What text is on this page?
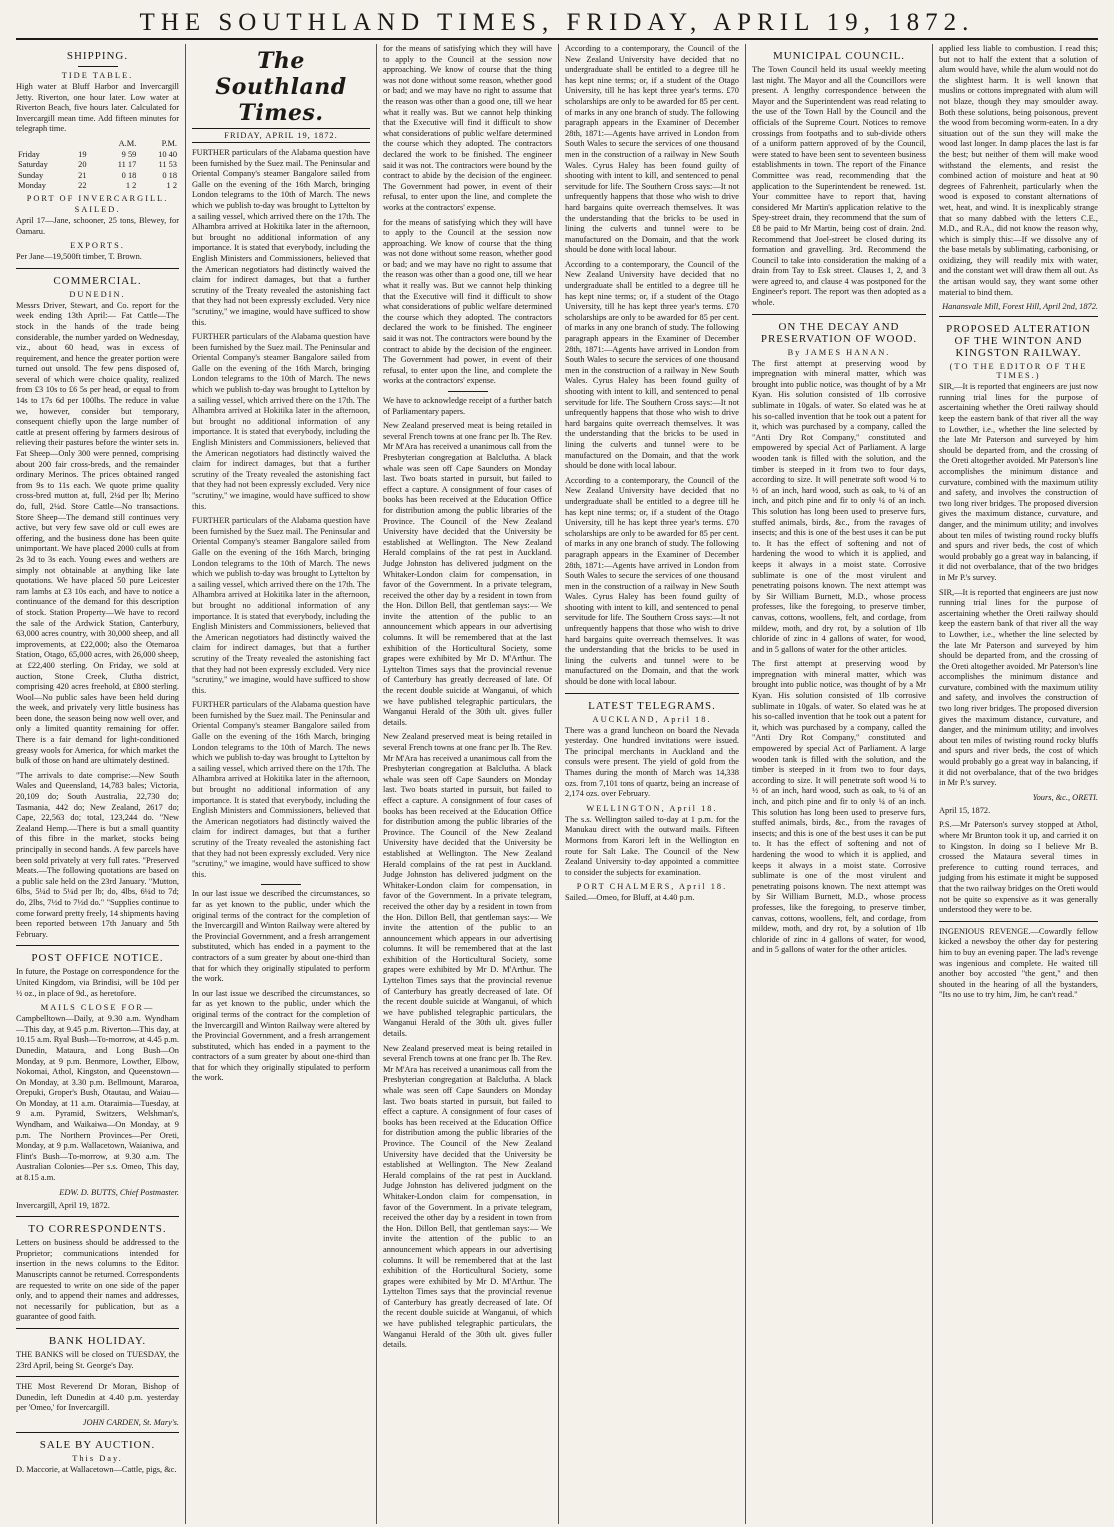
THE SOUTHLAND TIMES, FRIDAY, APRIL 19, 1872.
SHIPPING.
TIDE TABLE.

High water at Bluff Harbor and Invercargill Jetty. Riverton, one hour later. Low water at Riverton Beach, five hours later. Calculated for Invercargill mean time. Add fifteen minutes for telegraph time.

		A.M.	P.M.
Friday	19	9 59	10 40
Saturday	20	11 17	11 53
Sunday	21	0 18	0 18
Monday	22	1 2	1 2
PORT OF INVERCARGILL.
SAILED.

April 17—Jane, schooner, 25 tons, Blewey, for Oamaru.

EXPORTS.

Per Jane—19,500ft timber, T. Brown.

COMMERCIAL.
DUNEDIN.

Messrs Driver, Stewart, and Co. report for the week ending 13th April:— Fat Cattle—The stock in the hands of the trade being considerable, the number yarded on Wednesday, viz., about 60 head, was in excess of requirement, and hence the greater portion were turned out unsold. The few pens disposed of, several of which were choice quality, realized from £3 10s to £6 5s per head, or equal to from 14s to 17s 6d per 100lbs. The reduce in value we, however, consider but temporary, consequent chiefly upon the large number of cattle at present offering by farmers desirous of relieving their pastures before the winter sets in. Fat Sheep—Only 300 were penned, comprising about 200 fair cross-breds, and the remainder ordinary Merinos. The prices obtained ranged from 9s to 11s each. We quote prime quality cross-bred mutton at, full, 2¼d per lb; Merino do, full, 2¼d. Store Cattle—No transactions. Store Sheep—The demand still continues very active, but very few save old or cull ewes are offering, and the business done has been quite unimportant. We have placed 2000 culls at from 2s 3d to 3s each. Young ewes and wethers are simply not obtainable at anything like late quotations. We have placed 50 pure Leicester ram lambs at £3 10s each, and have to notice a continuance of the demand for this description of stock. Station Property—We have to record the sale of the Ardwick Station, Canterbury, 63,000 acres country, with 30,000 sheep, and all improvements, at £22,000; also the Otemaroa Station, Otago, 65,000 acres, with 26,000 sheep, at £22,400 sterling. On Friday, we sold at auction, Stone Creek, Clutha district, comprising 420 acres freehold, at £800 sterling. Wool—No public sales have been held during the week, and privately very little business has been done, the season being now well over, and only a limited quantity remaining for offer. There is a fair demand for light-conditioned greasy wools for America, for which market the bulk of those on hand are ultimately destined.

"The arrivals to date comprise:—New South Wales and Queensland, 14,783 bales; Victoria, 20,109 do; South Australia, 22,730 do; Tasmania, 442 do; New Zealand, 2617 do; Cape, 22,563 do; total, 123,244 do. "New Zealand Hemp.—There is but a small quantity of this fibre in the market, stocks being principally in second hands. A few parcels have been sold privately at very full rates. "Preserved Meats.—The following quotations are based on a public sale held on the 23rd January. "Mutton, 6lbs, 5¼d to 5¼d per lb; do, 4lbs, 6¼d to 7d; do, 2lbs, 7½d to 7½d do." "Supplies continue to come forward pretty freely, 14 shipments having been reported between 17th January and 5th February.

POST OFFICE NOTICE.

In future, the Postage on correspondence for the United Kingdom, via Brindisi, will be 10d per ½ oz., in place of 9d., as heretofore.

MAILS CLOSE FOR—

Campbelltown—Daily, at 9.30 a.m. Wyndham—This day, at 9.45 p.m. Riverton—This day, at 10.15 a.m. Ryal Bush—To-morrow, at 4.45 p.m. Dunedin, Mataura, and Long Bush—On Monday, at 9 p.m. Benmore, Lowther, Elbow, Nokomai, Athol, Kingston, and Queenstown—On Monday, at 3.30 p.m. Bellmount, Mararoa, Orepuki, Groper's Bush, Otautau, and Waiau—On Monday, at 11 a.m. Otaraimia—Tuesday, at 9 a.m. Pyramid, Switzers, Welshman's, Wyndham, and Waikaiwa—On Monday, at 9 p.m. The Northern Provinces—Per Oreti, Monday, at 9 p.m. Wallacetown, Waianiwa, and Flint's Bush—To-morrow, at 9.30 a.m. The Australian Colonies—Per s.s. Omeo, This day, at 8.15 a.m.

EDW. D. BUTTS, Chief Postmaster.

Invercargill, April 19, 1872.

TO CORRESPONDENTS.

Letters on business should be addressed to the Proprietor; communications intended for insertion in the news columns to the Editor. Manuscripts cannot be returned. Correspondents are requested to write on one side of the paper only, and to append their names and addresses, not necessarily for publication, but as a guarantee of good faith.

BANK HOLIDAY.

THE BANKS will be closed on TUESDAY, the 23rd April, being St. George's Day.

THE Most Reverend Dr Moran, Bishop of Dunedin, left Dunedin at 4.40 p.m. yesterday per 'Omeo,' for Invercargill.

JOHN CARDEN, St. Mary's.
SALE BY AUCTION.
This Day.

D. Maccorie, at Wallacetown—Cattle, pigs, &c.

The Southland Times.
FRIDAY, APRIL 19, 1872.

FURTHER particulars of the Alabama question have been furnished by the Suez mail. The Peninsular and Oriental Company's steamer Bangalore sailed from Galle on the evening of the 16th March, bringing London telegrams to the 10th of March. The news which we publish to-day was brought to Lyttelton by a sailing vessel, which arrived there on the 17th. The Alhambra arrived at Hokitika later in the afternoon, but brought no additional information of any importance. It is stated that everybody, including the English Ministers and Commissioners, believed that the American negotiators had distinctly waived the claim for indirect damages, but that a further scrutiny of the Treaty revealed the astonishing fact that they had not been expressly excluded. Very nice "scrutiny," we imagine, would have sufficed to show this.

FURTHER particulars of the Alabama question have been furnished by the Suez mail. The Peninsular and Oriental Company's steamer Bangalore sailed from Galle on the evening of the 16th March, bringing London telegrams to the 10th of March. The news which we publish to-day was brought to Lyttelton by a sailing vessel, which arrived there on the 17th. The Alhambra arrived at Hokitika later in the afternoon, but brought no additional information of any importance. It is stated that everybody, including the English Ministers and Commissioners, believed that the American negotiators had distinctly waived the claim for indirect damages, but that a further scrutiny of the Treaty revealed the astonishing fact that they had not been expressly excluded. Very nice "scrutiny," we imagine, would have sufficed to show this.

FURTHER particulars of the Alabama question have been furnished by the Suez mail. The Peninsular and Oriental Company's steamer Bangalore sailed from Galle on the evening of the 16th March, bringing London telegrams to the 10th of March. The news which we publish to-day was brought to Lyttelton by a sailing vessel, which arrived there on the 17th. The Alhambra arrived at Hokitika later in the afternoon, but brought no additional information of any importance. It is stated that everybody, including the English Ministers and Commissioners, believed that the American negotiators had distinctly waived the claim for indirect damages, but that a further scrutiny of the Treaty revealed the astonishing fact that they had not been expressly excluded. Very nice "scrutiny," we imagine, would have sufficed to show this.

FURTHER particulars of the Alabama question have been furnished by the Suez mail. The Peninsular and Oriental Company's steamer Bangalore sailed from Galle on the evening of the 16th March, bringing London telegrams to the 10th of March. The news which we publish to-day was brought to Lyttelton by a sailing vessel, which arrived there on the 17th. The Alhambra arrived at Hokitika later in the afternoon, but brought no additional information of any importance. It is stated that everybody, including the English Ministers and Commissioners, believed that the American negotiators had distinctly waived the claim for indirect damages, but that a further scrutiny of the Treaty revealed the astonishing fact that they had not been expressly excluded. Very nice "scrutiny," we imagine, would have sufficed to show this.

In our last issue we described the circumstances, so far as yet known to the public, under which the original terms of the contract for the completion of the Invercargill and Winton Railway were altered by the Provincial Government, and a fresh arrangement substituted, which has ended in a payment to the contractors of a sum greater by about one-third than that for which they originally stipulated to perform the work.

In our last issue we described the circumstances, so far as yet known to the public, under which the original terms of the contract for the completion of the Invercargill and Winton Railway were altered by the Provincial Government, and a fresh arrangement substituted, which has ended in a payment to the contractors of a sum greater by about one-third than that for which they originally stipulated to perform the work.

for the means of satisfying which they will have to apply to the Council at the session now approaching. We know of course that the thing was not done without some reason, whether good or bad; and we may have no right to assume that the reason was other than a good one, till we hear what it really was. But we cannot help thinking that the Executive will find it difficult to show what considerations of public welfare determined the course which they adopted. The contractors declared the work to be finished. The engineer said it was not. The contractors were bound by the contract to abide by the decision of the engineer. The Government had power, in event of their refusal, to enter upon the line, and complete the works at the contractors' expense.

for the means of satisfying which they will have to apply to the Council at the session now approaching. We know of course that the thing was not done without some reason, whether good or bad; and we may have no right to assume that the reason was other than a good one, till we hear what it really was. But we cannot help thinking that the Executive will find it difficult to show what considerations of public welfare determined the course which they adopted. The contractors declared the work to be finished. The engineer said it was not. The contractors were bound by the contract to abide by the decision of the engineer. The Government had power, in event of their refusal, to enter upon the line, and complete the works at the contractors' expense.

We have to acknowledge receipt of a further batch of Parliamentary papers.

New Zealand preserved meat is being retailed in several French towns at one franc per lb. The Rev. Mr M'Ara has received a unanimous call from the Presbyterian congregation at Balclutha. A black whale was seen off Cape Saunders on Monday last. Two boats started in pursuit, but failed to effect a capture. A consignment of four cases of books has been received at the Education Office for distribution among the public libraries of the Province. The Council of the New Zealand University have decided that the University be established at Wellington. The New Zealand Herald complains of the rat pest in Auckland. Judge Johnston has delivered judgment on the Whitaker-London claim for compensation, in favor of the Government. In a private telegram, received the other day by a resident in town from the Hon. Dillon Bell, that gentleman says:— We invite the attention of the public to an announcement which appears in our advertising columns. It will be remembered that at the last exhibition of the Horticultural Society, some grapes were exhibited by Mr D. M'Arthur. The Lyttelton Times says that the provincial revenue of Canterbury has greatly decreased of late. Of the recent double suicide at Wanganui, of which we have published telegraphic particulars, the Wanganui Herald of the 30th ult. gives fuller details.

New Zealand preserved meat is being retailed in several French towns at one franc per lb. The Rev. Mr M'Ara has received a unanimous call from the Presbyterian congregation at Balclutha. A black whale was seen off Cape Saunders on Monday last. Two boats started in pursuit, but failed to effect a capture. A consignment of four cases of books has been received at the Education Office for distribution among the public libraries of the Province. The Council of the New Zealand University have decided that the University be established at Wellington. The New Zealand Herald complains of the rat pest in Auckland. Judge Johnston has delivered judgment on the Whitaker-London claim for compensation, in favor of the Government. In a private telegram, received the other day by a resident in town from the Hon. Dillon Bell, that gentleman says:— We invite the attention of the public to an announcement which appears in our advertising columns. It will be remembered that at the last exhibition of the Horticultural Society, some grapes were exhibited by Mr D. M'Arthur. The Lyttelton Times says that the provincial revenue of Canterbury has greatly decreased of late. Of the recent double suicide at Wanganui, of which we have published telegraphic particulars, the Wanganui Herald of the 30th ult. gives fuller details.

New Zealand preserved meat is being retailed in several French towns at one franc per lb. The Rev. Mr M'Ara has received a unanimous call from the Presbyterian congregation at Balclutha. A black whale was seen off Cape Saunders on Monday last. Two boats started in pursuit, but failed to effect a capture. A consignment of four cases of books has been received at the Education Office for distribution among the public libraries of the Province. The Council of the New Zealand University have decided that the University be established at Wellington. The New Zealand Herald complains of the rat pest in Auckland. Judge Johnston has delivered judgment on the Whitaker-London claim for compensation, in favor of the Government. In a private telegram, received the other day by a resident in town from the Hon. Dillon Bell, that gentleman says:— We invite the attention of the public to an announcement which appears in our advertising columns. It will be remembered that at the last exhibition of the Horticultural Society, some grapes were exhibited by Mr D. M'Arthur. The Lyttelton Times says that the provincial revenue of Canterbury has greatly decreased of late. Of the recent double suicide at Wanganui, of which we have published telegraphic particulars, the Wanganui Herald of the 30th ult. gives fuller details.

According to a contemporary, the Council of the New Zealand University have decided that no undergraduate shall be entitled to a degree till he has kept nine terms; or, if a student of the Otago University, till he has kept three year's terms. £70 scholarships are only to be awarded for 85 per cent. of marks in any one branch of study. The following paragraph appears in the Examiner of December 28th, 1871:—Agents have arrived in London from South Wales to secure the services of one thousand men in the construction of a railway in New South Wales. Cyrus Haley has been found guilty of shooting with intent to kill, and sentenced to penal servitude for life. The Southern Cross says:—It not unfrequently happens that those who wish to drive hard bargains quite overreach themselves. It was the understanding that the bricks to be used in lining the culverts and tunnel were to be manufactured on the Domain, and that the work should be done with local labour.

According to a contemporary, the Council of the New Zealand University have decided that no undergraduate shall be entitled to a degree till he has kept nine terms; or, if a student of the Otago University, till he has kept three year's terms. £70 scholarships are only to be awarded for 85 per cent. of marks in any one branch of study. The following paragraph appears in the Examiner of December 28th, 1871:—Agents have arrived in London from South Wales to secure the services of one thousand men in the construction of a railway in New South Wales. Cyrus Haley has been found guilty of shooting with intent to kill, and sentenced to penal servitude for life. The Southern Cross says:—It not unfrequently happens that those who wish to drive hard bargains quite overreach themselves. It was the understanding that the bricks to be used in lining the culverts and tunnel were to be manufactured on the Domain, and that the work should be done with local labour.

According to a contemporary, the Council of the New Zealand University have decided that no undergraduate shall be entitled to a degree till he has kept nine terms; or, if a student of the Otago University, till he has kept three year's terms. £70 scholarships are only to be awarded for 85 per cent. of marks in any one branch of study. The following paragraph appears in the Examiner of December 28th, 1871:—Agents have arrived in London from South Wales to secure the services of one thousand men in the construction of a railway in New South Wales. Cyrus Haley has been found guilty of shooting with intent to kill, and sentenced to penal servitude for life. The Southern Cross says:—It not unfrequently happens that those who wish to drive hard bargains quite overreach themselves. It was the understanding that the bricks to be used in lining the culverts and tunnel were to be manufactured on the Domain, and that the work should be done with local labour.

LATEST TELEGRAMS.
AUCKLAND, April 18.

There was a grand luncheon on board the Nevada yesterday. One hundred invitations were issued. The principal merchants in Auckland and the consuls were present. The yield of gold from the Thames during the month of March was 14,338 ozs. from 7,101 tons of quartz, being an increase of 2,174 ozs. over February.

WELLINGTON, April 18.

The s.s. Wellington sailed to-day at 1 p.m. for the Manukau direct with the outward mails. Fifteen Mormons from Karori left in the Wellington en route for Salt Lake. The Council of the New Zealand University to-day appointed a committee to consider the subjects for examination.

PORT CHALMERS, April 18.

Sailed.—Omeo, for Bluff, at 4.40 p.m.

MUNICIPAL COUNCIL.

The Town Council held its usual weekly meeting last night. The Mayor and all the Councillors were present. A lengthy correspondence between the Mayor and the Superintendent was read relating to the use of the Town Hall by the Council and the officials of the Supreme Court. Notices to remove crossings from footpaths and to sub-divide others of a uniform pattern approved of by the Council, were stated to have been sent to seventeen business establishments in town. The report of the Finance Committee was read, recommending that the application to the Superintendent be renewed. 1st. Your committee have to report that, having considered Mr Martin's application relative to the Spey-street drain, they recommend that the sum of £8 be paid to Mr Martin, being cost of drain. 2nd. Recommend that Joel-street be closed during its formation and gravelling. 3rd. Recommend the Council to take into consideration the making of a drain from Tay to Esk street. Clauses 1, 2, and 3 were agreed to, and clause 4 was postponed for the Engineer's report. The report was then adopted as a whole.

ON THE DECAY AND PRESERVATION OF WOOD.
By JAMES HANAN.

The first attempt at preserving wood by impregnation with mineral matter, which was brought into public notice, was thought of by a Mr Kyan. His solution consisted of 1lb corrosive sublimate in 10gals. of water. So elated was he at his so-called invention that he took out a patent for it, which was purchased by a company, called the "Anti Dry Rot Company," constituted and empowered by special Act of Parliament. A large wooden tank is filled with the solution, and the timber is steeped in it from two to four days, according to size. It will penetrate soft wood ¼ to ½ of an inch, hard wood, such as oak, to ¼ of an inch, and pitch pine and fir to only ¼ of an inch. This solution has long been used to preserve furs, stuffed animals, birds, &c., from the ravages of insects; and this is one of the best uses it can be put to. It has the effect of softening and not of hardening the wood to which it is applied, and keeps it always in a moist state. Corrosive sublimate is one of the most virulent and penetrating poisons known. The next attempt was by Sir William Burnett, M.D., whose process professes, like the foregoing, to preserve timber, canvas, cottons, woollens, felt, and cordage, from mildew, moth, and dry rot, by a solution of 1lb chloride of zinc in 4 gallons of water, for wood, and in 5 gallons of water for the other articles.

The first attempt at preserving wood by impregnation with mineral matter, which was brought into public notice, was thought of by a Mr Kyan. His solution consisted of 1lb corrosive sublimate in 10gals. of water. So elated was he at his so-called invention that he took out a patent for it, which was purchased by a company, called the "Anti Dry Rot Company," constituted and empowered by special Act of Parliament. A large wooden tank is filled with the solution, and the timber is steeped in it from two to four days, according to size. It will penetrate soft wood ¼ to ½ of an inch, hard wood, such as oak, to ¼ of an inch, and pitch pine and fir to only ¼ of an inch. This solution has long been used to preserve furs, stuffed animals, birds, &c., from the ravages of insects; and this is one of the best uses it can be put to. It has the effect of softening and not of hardening the wood to which it is applied, and keeps it always in a moist state. Corrosive sublimate is one of the most virulent and penetrating poisons known. The next attempt was by Sir William Burnett, M.D., whose process professes, like the foregoing, to preserve timber, canvas, cottons, woollens, felt, and cordage, from mildew, moth, and dry rot, by a solution of 1lb chloride of zinc in 4 gallons of water, for wood, and in 5 gallons of water for the other articles.

applied less liable to combustion. I read this; but not to half the extent that a solution of alum would have, while the alum would not do the slightest harm. It is well known that muslins or cottons impregnated with alum will not blaze, though they may smoulder away. Both these solutions, being poisonous, prevent the wood from becoming worm-eaten. In a dry situation out of the sun they will make the wood last longer. In damp places the last is far the best; but neither of them will make wood withstand the elements, and resist the combined action of moisture and heat at 90 degrees of Fahrenheit, particularly when the wood is exposed to constant alternations of wet, heat, and wind. It is inexplicably strange that so many dabbed with the letters C.E., M.D., and R.A., did not know the reason why, which is simply this:—If we dissolve any of the base metals by sublimating, carbonising, or oxidizing, they will readily mix with water, and the constant wet will draw them all out. As the artisan would say, they want some other material to bind them.

Hanansvale Mill, Forest Hill, April 2nd, 1872.
PROPOSED ALTERATION OF THE WINTON AND KINGSTON RAILWAY.
(TO THE EDITOR OF THE TIMES.)

SIR,—It is reported that engineers are just now running trial lines for the purpose of ascertaining whether the Oreti railway should keep the eastern bank of that river all the way to Lowther, i.e., whether the line selected by the late Mr Paterson and surveyed by him should be departed from, and the crossing of the Oreti altogether avoided. Mr Paterson's line accomplishes the minimum distance and curvature, combined with the maximum utility and safety, and involves the construction of two long river bridges. The proposed diversion gives the maximum distance, curvature, and danger, and the minimum utility; and involves about ten miles of twisting round rocky bluffs and spurs and river beds, the cost of which would probably go a great way in balancing, if it did not overbalance, that of the two bridges in Mr P.'s survey.

SIR,—It is reported that engineers are just now running trial lines for the purpose of ascertaining whether the Oreti railway should keep the eastern bank of that river all the way to Lowther, i.e., whether the line selected by the late Mr Paterson and surveyed by him should be departed from, and the crossing of the Oreti altogether avoided. Mr Paterson's line accomplishes the minimum distance and curvature, combined with the maximum utility and safety, and involves the construction of two long river bridges. The proposed diversion gives the maximum distance, curvature, and danger, and the minimum utility; and involves about ten miles of twisting round rocky bluffs and spurs and river beds, the cost of which would probably go a great way in balancing, if it did not overbalance, that of the two bridges in Mr P.'s survey.

Yours, &c., ORETI.

April 15, 1872.

P.S.—Mr Paterson's survey stopped at Athol, where Mr Brunton took it up, and carried it on to Kingston. In doing so I believe Mr B. crossed the Mataura several times in preference to cutting round terraces, and judging from his estimate it might be supposed that the two railway bridges on the Oreti would not be quite so expensive as it was generally understood they were to be.

INGENIOUS REVENGE.—Cowardly fellow kicked a newsboy the other day for pestering him to buy an evening paper. The lad's revenge was ingenious and complete. He waited till another boy accosted "the gent," and then shouted in the hearing of all the bystanders, "Its no use to try him, Jim, he can't read."
